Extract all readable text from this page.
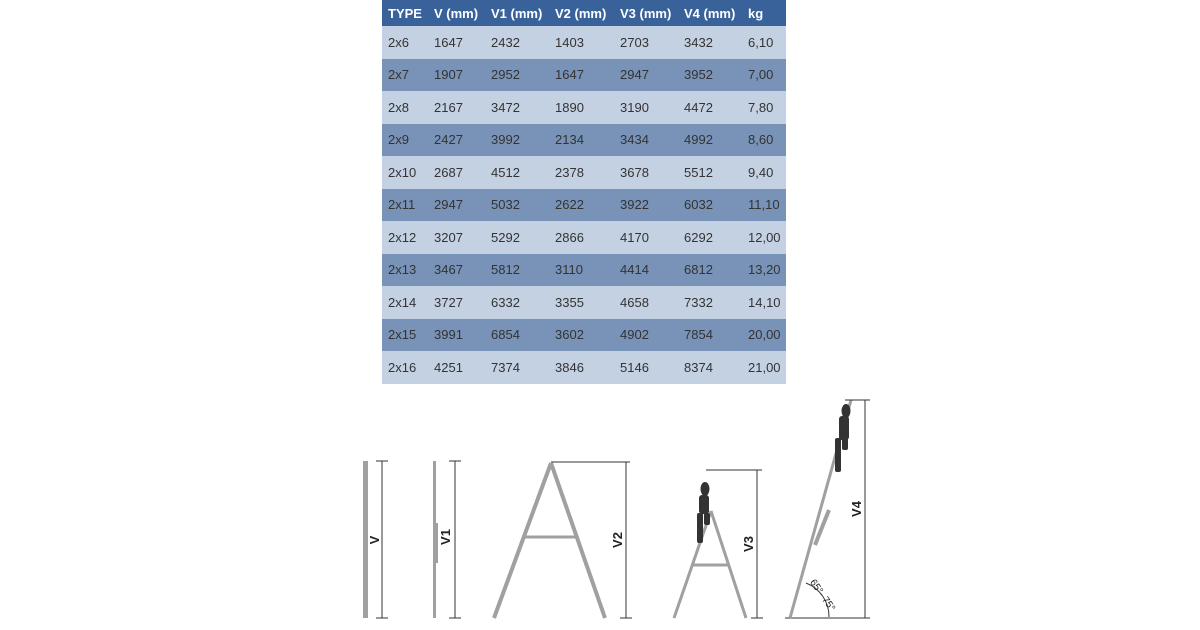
TYPE	V (mm)	V1 (mm)	V2 (mm)	V3 (mm)	V4 (mm)	kg
2x6	1647	2432	1403	2703	3432	6,10
2x7	1907	2952	1647	2947	3952	7,00
2x8	2167	3472	1890	3190	4472	7,80
2x9	2427	3992	2134	3434	4992	8,60
2x10	2687	4512	2378	3678	5512	9,40
2x11	2947	5032	2622	3922	6032	11,10
2x12	3207	5292	2866	4170	6292	12,00
2x13	3467	5812	3110	4414	6812	13,20
2x14	3727	6332	3355	4658	7332	14,10
2x15	3991	6854	3602	4902	7854	20,00
2x16	4251	7374	3846	5146	8374	21,00
V	V1	V2	V3
V4
65°- 75°
